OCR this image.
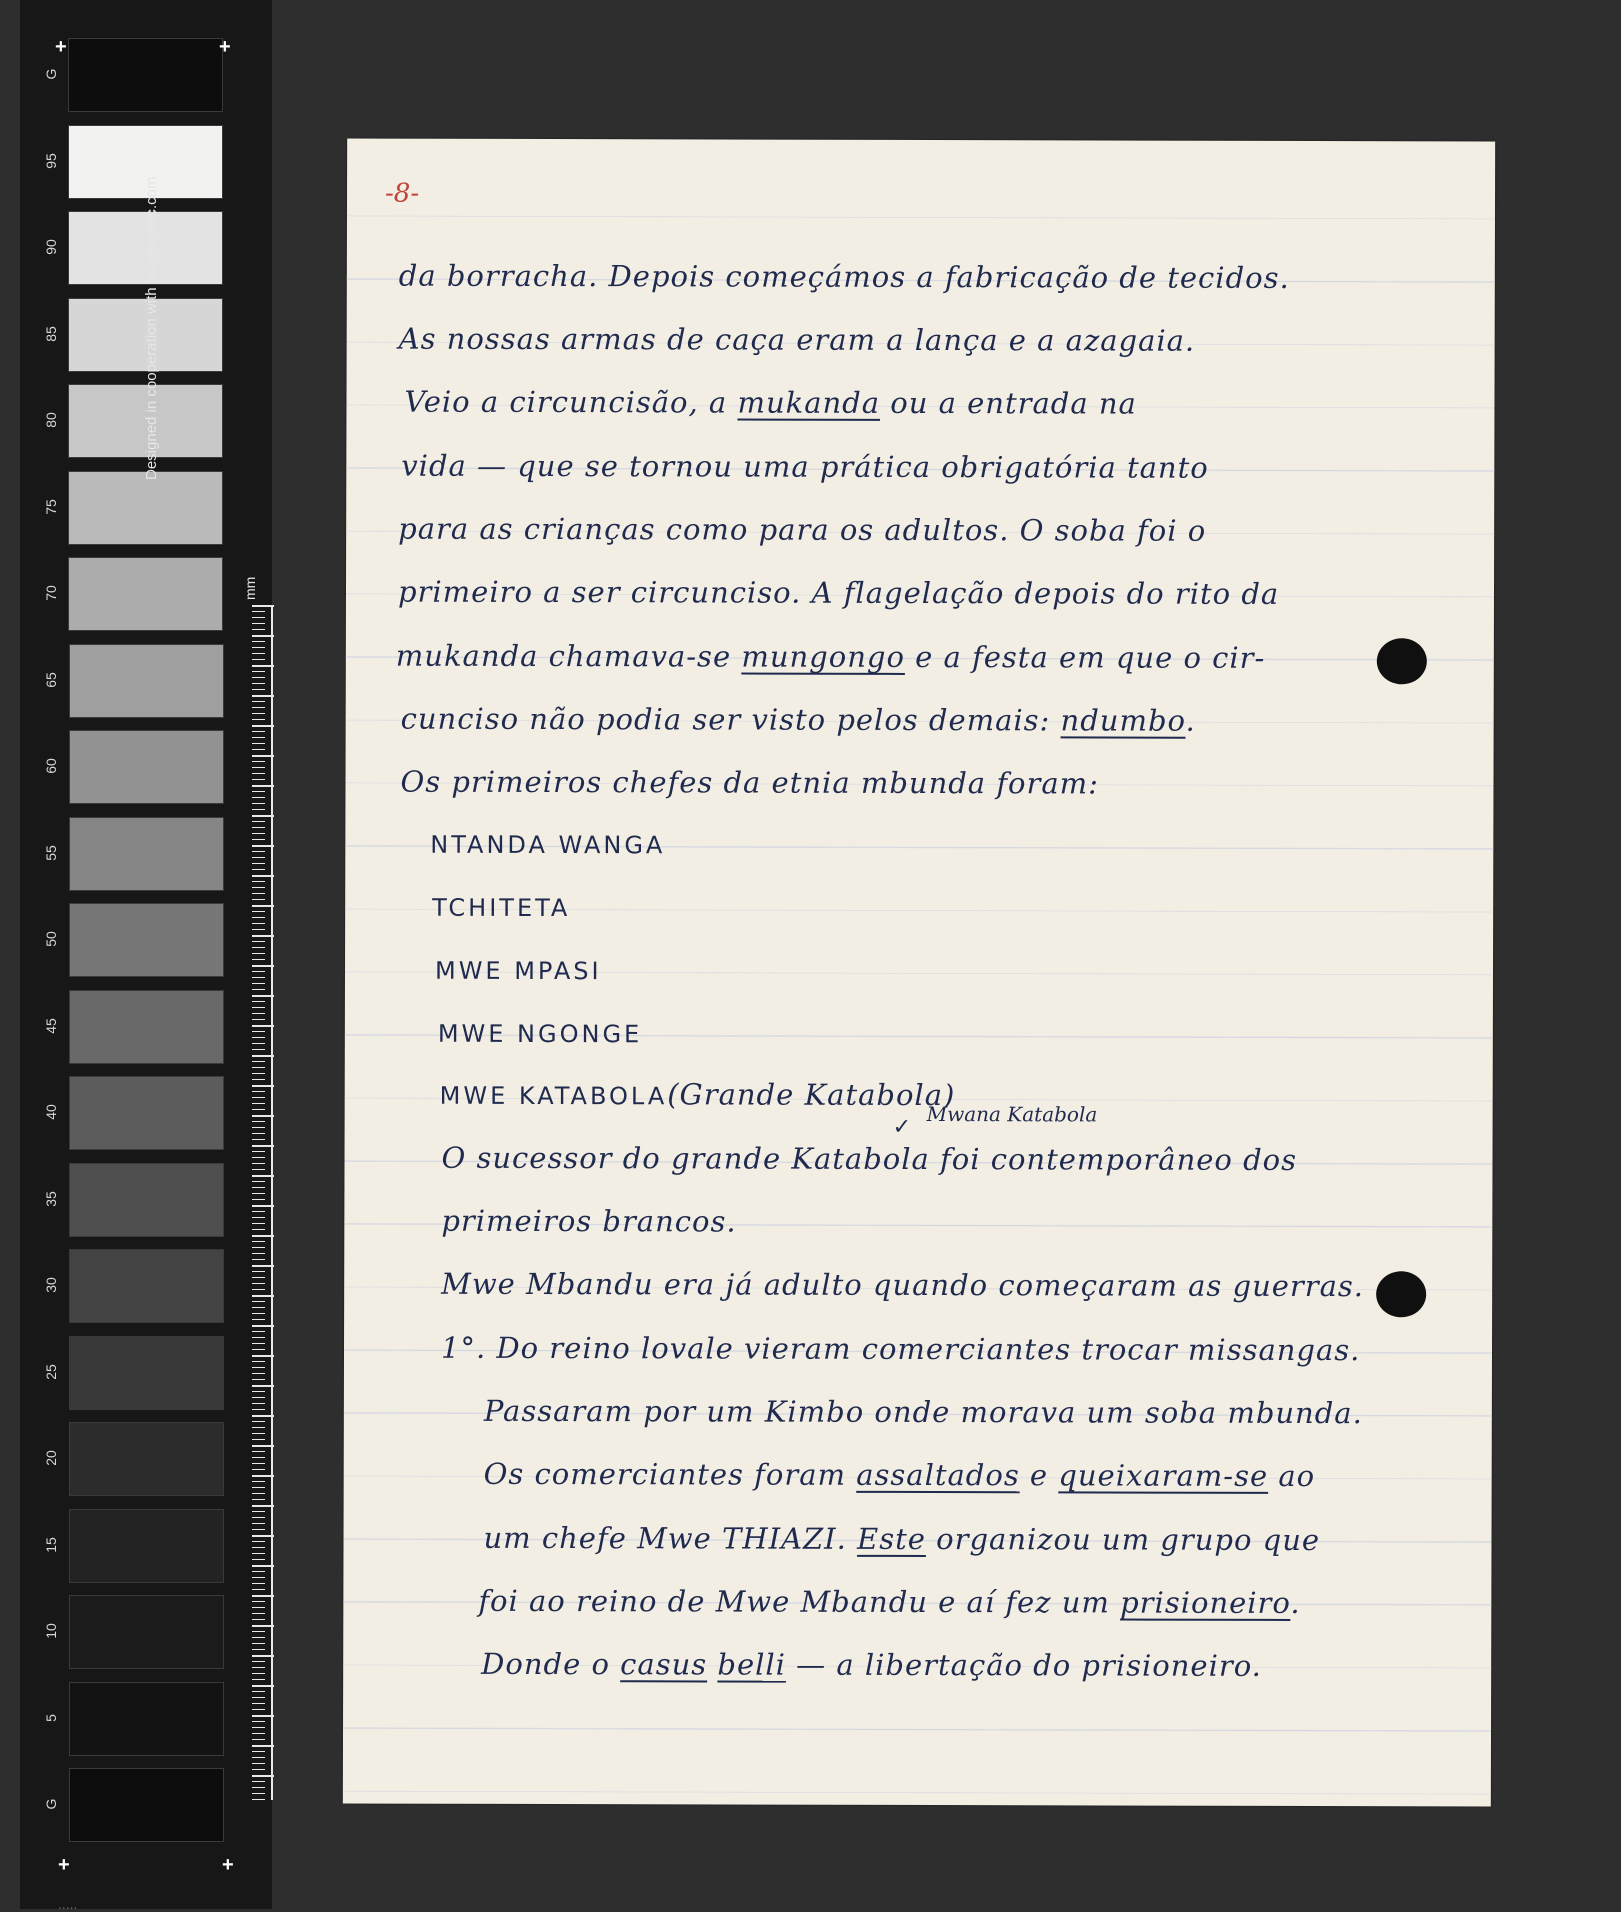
G
95
90
85
80
75
70
65
60
55
50
45
40
35
30
25
20
15
10
5
G
+	+
+	+
Designed in cooperation with imagingetc.com
mm
.....
-8-
da borracha. Depois começámos a fabricação de tecidos.
As nossas armas de caça eram a lança e a azagaia.
Veio a circuncisão, a mukanda ou a entrada na
vida — que se tornou uma prática obrigatória tanto
para as crianças como para os adultos. O soba foi o
primeiro a ser circunciso. A flagelação depois do rito da
mukanda chamava-se mungongo e a festa em que o cir-
cunciso não podia ser visto pelos demais: ndumbo.
Os primeiros chefes da etnia mbunda foram:
NTANDA WANGA
TCHITETA
MWE MPASI
MWE NGONGE
MWE KATABOLA(Grande Katabola)
Mwana Katabola
✓
O sucessor do grande Katabola foi contemporâneo dos
primeiros brancos.
Mwe Mbandu era já adulto quando começaram as guerras.
1°. Do reino lovale vieram comerciantes trocar missangas.
Passaram por um Kimbo onde morava um soba mbunda.
Os comerciantes foram assaltados e queixaram-se ao
um chefe Mwe THIAZI. Este organizou um grupo que
foi ao reino de Mwe Mbandu e aí fez um prisioneiro.
Donde o casus belli — a libertação do prisioneiro.
